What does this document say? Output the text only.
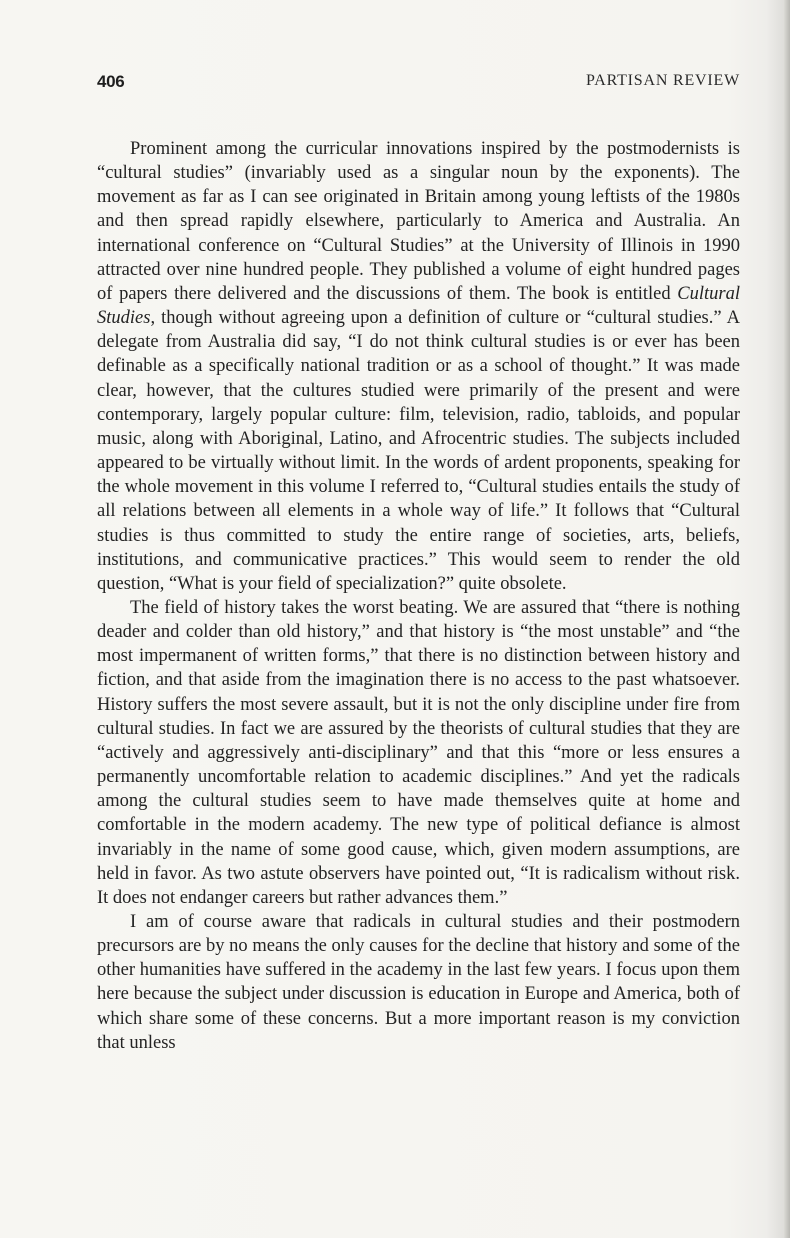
406	PARTISAN REVIEW

Prominent among the curricular innovations inspired by the postmodernists is “cultural studies” (invariably used as a singular noun by the exponents). The movement as far as I can see originated in Britain among young leftists of the 1980s and then spread rapidly elsewhere, particularly to America and Australia. An international conference on “Cultural Studies” at the University of Illinois in 1990 attracted over nine hundred people. They published a volume of eight hundred pages of papers there delivered and the discussions of them. The book is entitled Cultural Studies, though without agreeing upon a definition of culture or “cultural studies.” A delegate from Australia did say, “I do not think cultural studies is or ever has been definable as a specifically national tradition or as a school of thought.” It was made clear, however, that the cultures studied were primarily of the present and were contemporary, largely popular culture: film, television, radio, tabloids, and popular music, along with Aboriginal, Latino, and Afrocentric studies. The subjects included appeared to be virtually without limit. In the words of ardent proponents, speaking for the whole movement in this volume I referred to, “Cultural studies entails the study of all relations between all elements in a whole way of life.” It follows that “Cultural studies is thus committed to study the entire range of societies, arts, beliefs, institutions, and communicative practices.” This would seem to render the old question, “What is your field of specialization?” quite obsolete.

The field of history takes the worst beating. We are assured that “there is nothing deader and colder than old history,” and that history is “the most unstable” and “the most impermanent of written forms,” that there is no distinction between history and fiction, and that aside from the imagination there is no access to the past whatsoever. History suffers the most severe assault, but it is not the only discipline under fire from cultural studies. In fact we are assured by the theorists of cultural studies that they are “actively and aggressively anti-disciplinary” and that this “more or less ensures a permanently uncomfortable relation to academic disciplines.” And yet the radicals among the cultural studies seem to have made themselves quite at home and comfortable in the modern academy. The new type of political defiance is almost invariably in the name of some good cause, which, given modern assumptions, are held in favor. As two astute observers have pointed out, “It is radicalism without risk. It does not endanger careers but rather advances them.”

I am of course aware that radicals in cultural studies and their postmodern precursors are by no means the only causes for the decline that history and some of the other humanities have suffered in the academy in the last few years. I focus upon them here because the subject under discussion is education in Europe and America, both of which share some of these concerns. But a more important reason is my conviction that unless
